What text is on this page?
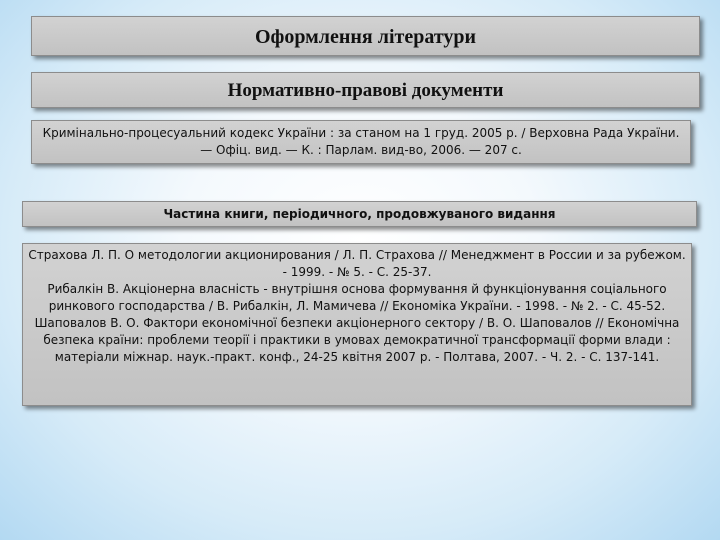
Оформлення літератури
Нормативно-правові документи
Кримінально-процесуальний кодекс України : за станом на 1 груд. 2005 р. / Верховна Рада України. — Офіц. вид. — К. : Парлам. вид-во, 2006. — 207 с.
Частина книги, періодичного, продовжуваного видання

Страхова Л. П. О методологии акционирования / Л. П. Страхова // Менеджмент в России и за рубежом. - 1999. - № 5. - С. 25-37.

Рибалкін В. Акціонерна власність - внутрішня основа формування й функціонування соціального ринкового господарства / В. Рибалкін, Л. Мамичева // Економіка України. - 1998. - № 2. - С. 45-52.

Шаповалов В. О. Фактори економічної безпеки акціонерного сектору / В. О. Шаповалов // Економічна безпека країни: проблеми теорії і практики в умовах демократичної трансформації форми влади : матеріали міжнар. наук.-практ. конф., 24-25 квітня 2007 р. - Полтава, 2007. - Ч. 2. - С. 137-141.
